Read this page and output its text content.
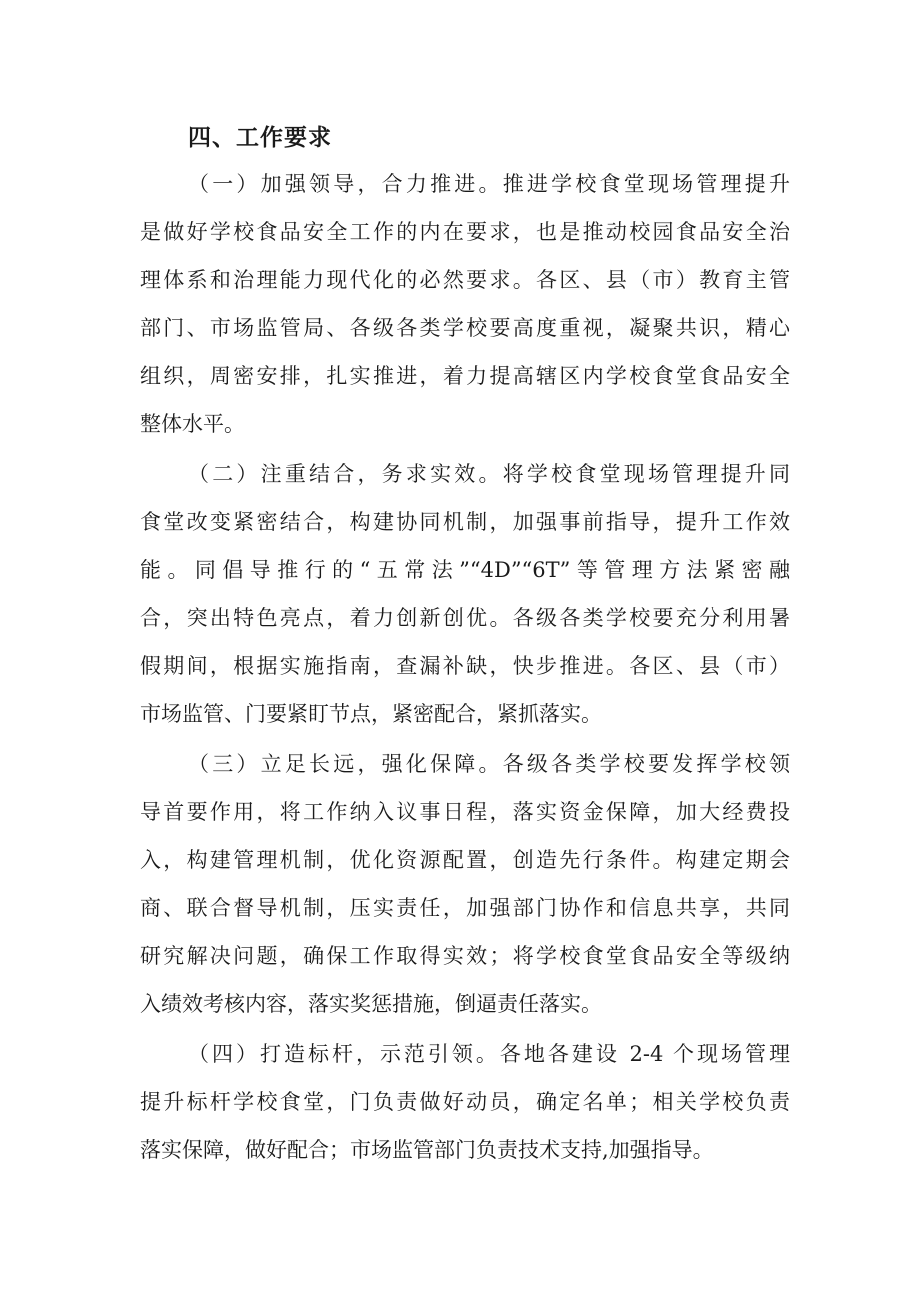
四、工作要求
（一）加强领导，合力推进。推进学校食堂现场管理提升
是做好学校食品安全工作的内在要求，也是推动校园食品安全治
理体系和治理能力现代化的必然要求。各区、县（市）教育主管
部门、市场监管局、各级各类学校要高度重视，凝聚共识，精心
组织，周密安排，扎实推进，着力提高辖区内学校食堂食品安全
整体水平。
（二）注重结合，务求实效。将学校食堂现场管理提升同
食堂改变紧密结合，构建协同机制，加强事前指导，提升工作效
能。同倡导推行的“五常法”“4D”“6T”等管理方法紧密融
合，突出特色亮点，着力创新创优。各级各类学校要充分利用暑
假期间，根据实施指南，查漏补缺，快步推进。各区、县（市）
市场监管、门要紧盯节点，紧密配合，紧抓落实。
（三）立足长远，强化保障。各级各类学校要发挥学校领
导首要作用，将工作纳入议事日程，落实资金保障，加大经费投
入，构建管理机制，优化资源配置，创造先行条件。构建定期会
商、联合督导机制，压实责任，加强部门协作和信息共享，共同
研究解决问题，确保工作取得实效；将学校食堂食品安全等级纳
入绩效考核内容，落实奖惩措施，倒逼责任落实。
（四）打造标杆，示范引领。各地各建设 2-4 个现场管理
提升标杆学校食堂，门负责做好动员，确定名单；相关学校负责
落实保障，做好配合；市场监管部门负责技术支持,加强指导。
